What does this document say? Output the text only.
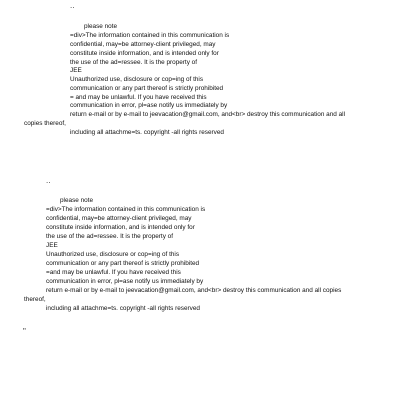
..
please note
=div>The information contained in this communication is
confidential, may=be attorney-client privileged, may
constitute inside information, and is intended only for
the use of the ad=ressee. It is the property of
JEE
Unauthorized use, disclosure or cop=ing of this
communication or any part thereof is strictly prohibited
= and may be unlawful. If you have received this
communication in error, pl=ase notify us immediately by
return e-mail or by e-mail to jeevacation@gmail.com, and<br> destroy this communication and all
copies thereof,
including all attachme=ts. copyright -all rights reserved
..
please note
=div>The information contained in this communication is
confidential, may=be attorney-client privileged, may
constitute inside information, and is intended only for
the use of the ad=ressee. It is the property of
JEE
Unauthorized use, disclosure or cop=ing of this
communication or any part thereof is strictly prohibited
=and may be unlawful. If you have received this
communication in error, pl=ase notify us immediately by
return e-mail or by e-mail to jeevacation@gmail.com, and<br> destroy this communication and all copies
thereof,
including all attachme=ts. copyright -all rights reserved
"
